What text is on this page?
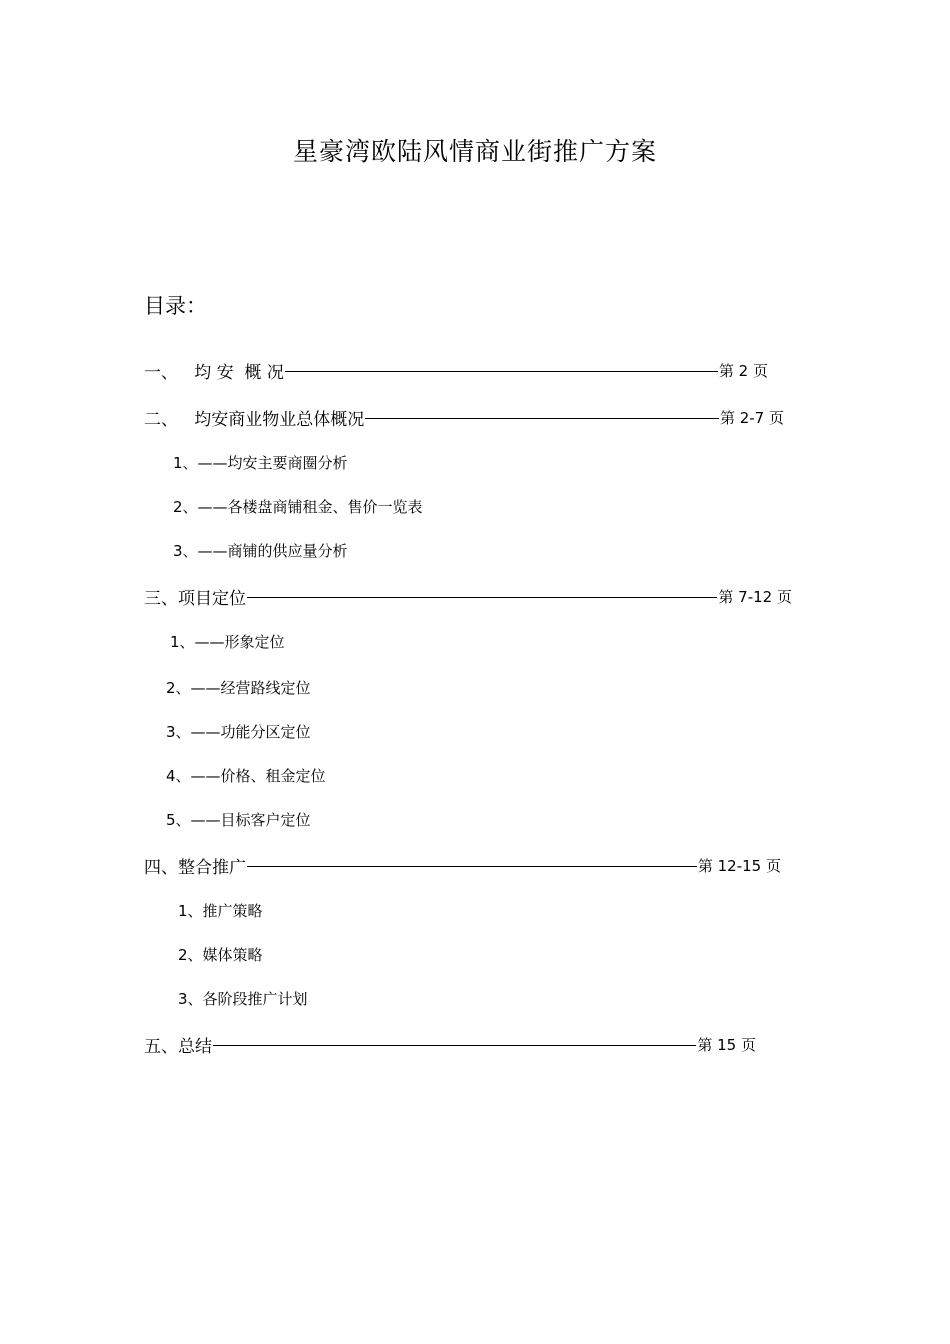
星豪湾欧陆风情商业街推广方案
目录：
一、   均 安  概 况	第 2 页
二、   均安商业物业总体概况	第 2-7 页
1、——均安主要商圈分析
2、——各楼盘商铺租金、售价一览表
3、——商铺的供应量分析
三、项目定位	第 7-12 页
1、——形象定位
2、——经营路线定位
3、——功能分区定位
4、——价格、租金定位
5、——目标客户定位
四、整合推广	第 12-15 页
1、推广策略
2、媒体策略
3、各阶段推广计划
五、总结	第 15 页
